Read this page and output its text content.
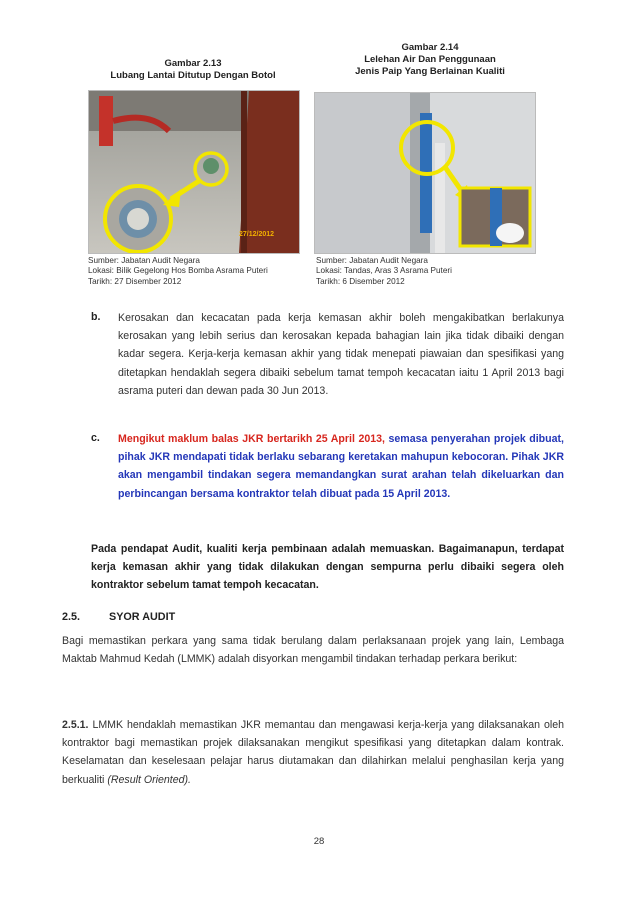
Gambar 2.13
Lubang Lantai Ditutup Dengan Botol
Gambar 2.14
Lelehan Air Dan Penggunaan
Jenis Paip Yang Berlainan Kualiti
27/12/2012
Sumber: Jabatan Audit Negara
Lokasi: Bilik Gegelong Hos Bomba Asrama Puteri
Tarikh: 27 Disember 2012
Sumber: Jabatan Audit Negara
Lokasi: Tandas, Aras 3 Asrama Puteri
Tarikh: 6 Disember 2012
b. Kerosakan dan kecacatan pada kerja kemasan akhir boleh mengakibatkan berlakunya kerosakan yang lebih serius dan kerosakan kepada bahagian lain jika tidak dibaiki dengan kadar segera. Kerja-kerja kemasan akhir yang tidak menepati piawaian dan spesifikasi yang ditetapkan hendaklah segera dibaiki sebelum tamat tempoh kecacatan iaitu 1 April 2013 bagi asrama puteri dan dewan pada 30 Jun 2013.
c. Mengikut maklum balas JKR bertarikh 25 April 2013, semasa penyerahan projek dibuat, pihak JKR mendapati tidak berlaku sebarang keretakan mahupun kebocoran. Pihak JKR akan mengambil tindakan segera memandangkan surat arahan telah dikeluarkan dan perbincangan bersama kontraktor telah dibuat pada 15 April 2013.
Pada pendapat Audit, kualiti kerja pembinaan adalah memuaskan. Bagaimanapun, terdapat kerja kemasan akhir yang tidak dilakukan dengan sempurna perlu dibaiki segera oleh kontraktor sebelum tamat tempoh kecacatan.
2.5.	SYOR AUDIT
Bagi memastikan perkara yang sama tidak berulang dalam perlaksanaan projek yang lain, Lembaga Maktab Mahmud Kedah (LMMK) adalah disyorkan mengambil tindakan terhadap perkara berikut:
2.5.1. LMMK hendaklah memastikan JKR memantau dan mengawasi kerja-kerja yang dilaksanakan oleh kontraktor bagi memastikan projek dilaksanakan mengikut spesifikasi yang ditetapkan dalam kontrak. Keselamatan dan keselesaan pelajar harus diutamakan dan dilahirkan melalui penghasilan kerja yang berkualiti (Result Oriented).
28
